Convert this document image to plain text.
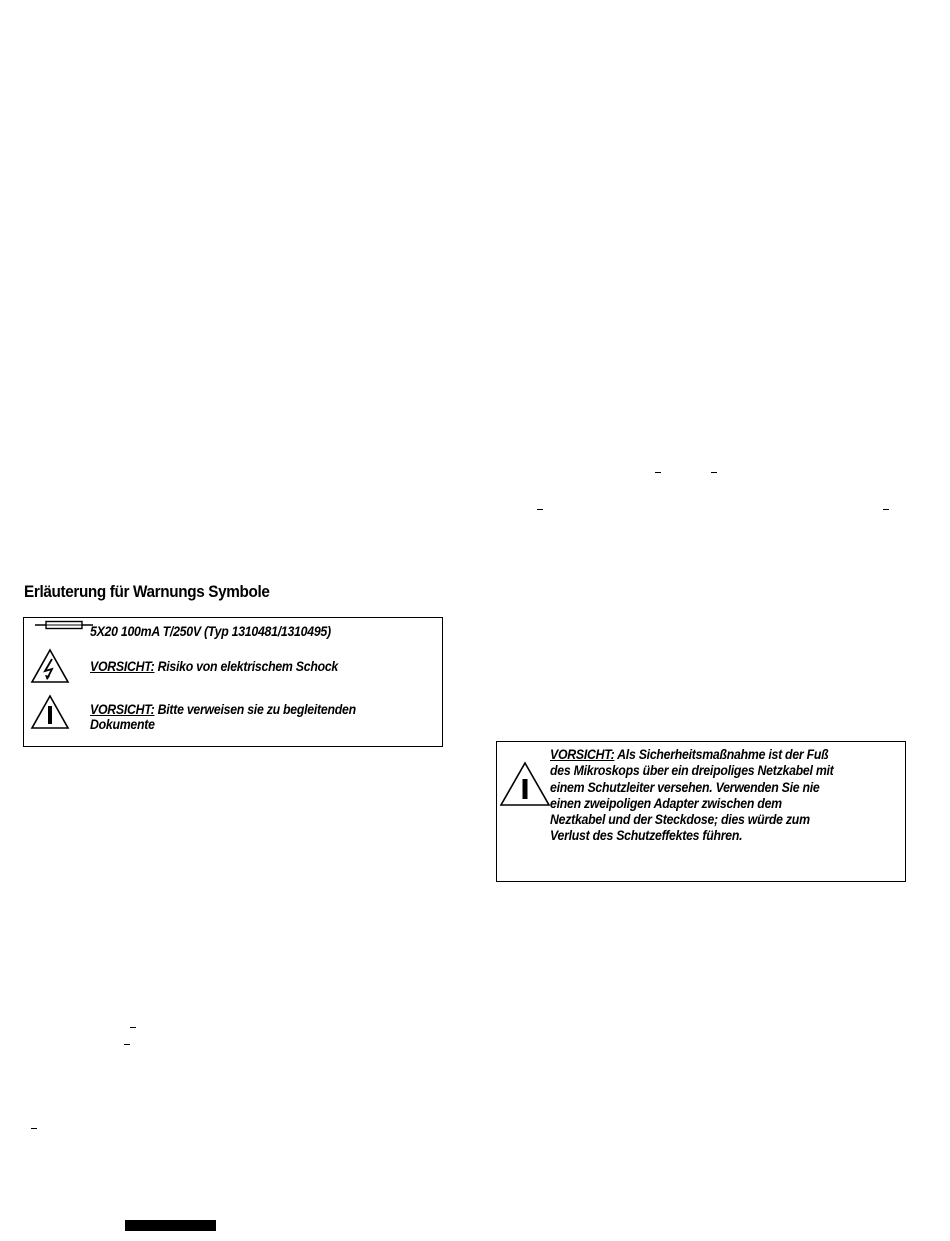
Erläuterung für Warnungs Symbole
5X20 100mA T/250V (Typ 1310481/1310495)
VORSICHT: Risiko von elektrischem Schock
VORSICHT: Bitte verweisen sie zu begleitenden
Dokumente
VORSICHT: Als Sicherheitsmaßnahme ist der Fuß
des Mikroskops über ein dreipoliges Netzkabel mit
einem Schutzleiter versehen. Verwenden Sie nie
einen zweipoligen Adapter zwischen dem
Neztkabel und der Steckdose; dies würde zum
Verlust des Schutzeffektes führen.
